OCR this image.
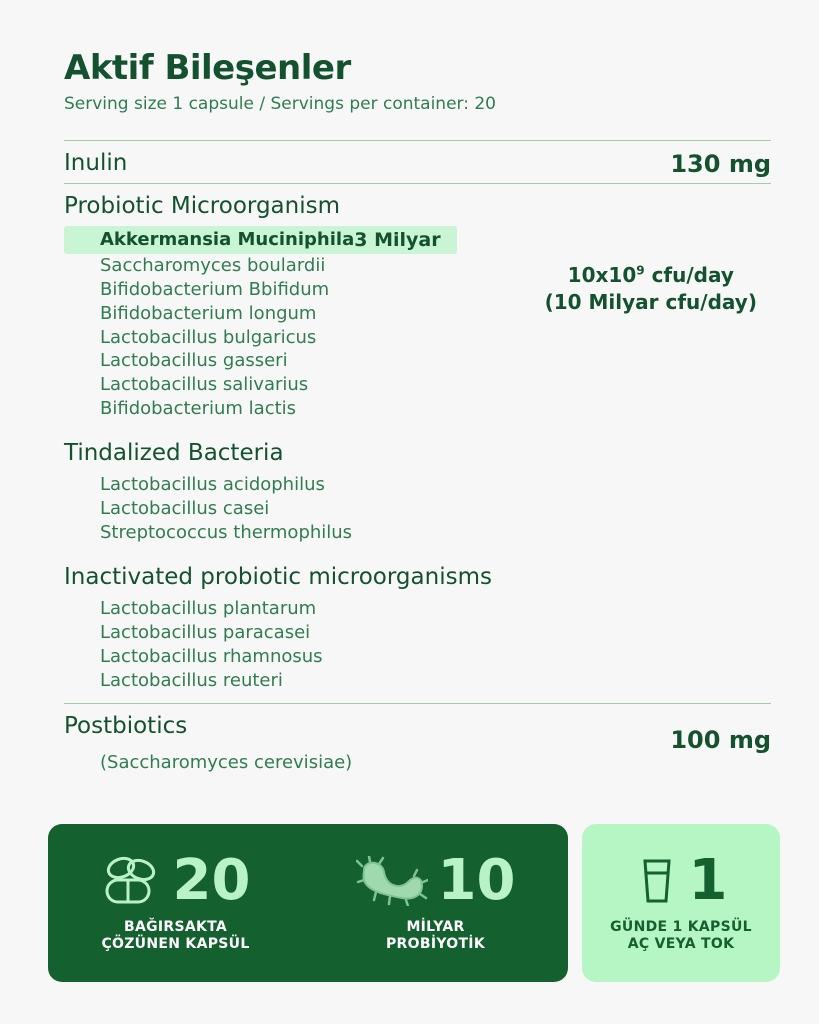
Aktif Bileşenler
Serving size 1 capsule / Servings per container: 20
Inulin	130 mg
Probiotic Microorganism
Akkermansia Muciniphila 3 Milyar
Saccharomyces boulardii
Bifidobacterium Bbifidum
Bifidobacterium longum
Lactobacillus bulgaricus
Lactobacillus gasseri
Lactobacillus salivarius
Bifidobacterium lactis
$10x10^9$ cfu/day
(10 Milyar cfu/day)
Tindalized Bacteria
Lactobacillus acidophilus
Lactobacillus casei
Streptococcus thermophilus
Inactivated probiotic microorganisms
Lactobacillus plantarum
Lactobacillus paracasei
Lactobacillus rhamnosus
Lactobacillus reuteri
Postbiotics
(Saccharomyces cerevisiae)
100 mg
20
BAĞIRSAKTA
ÇÖZÜNEN KAPSÜL
10
MİLYAR
PROBİYOTİK
1
GÜNDE 1 KAPSÜL
AÇ VEYA TOK
